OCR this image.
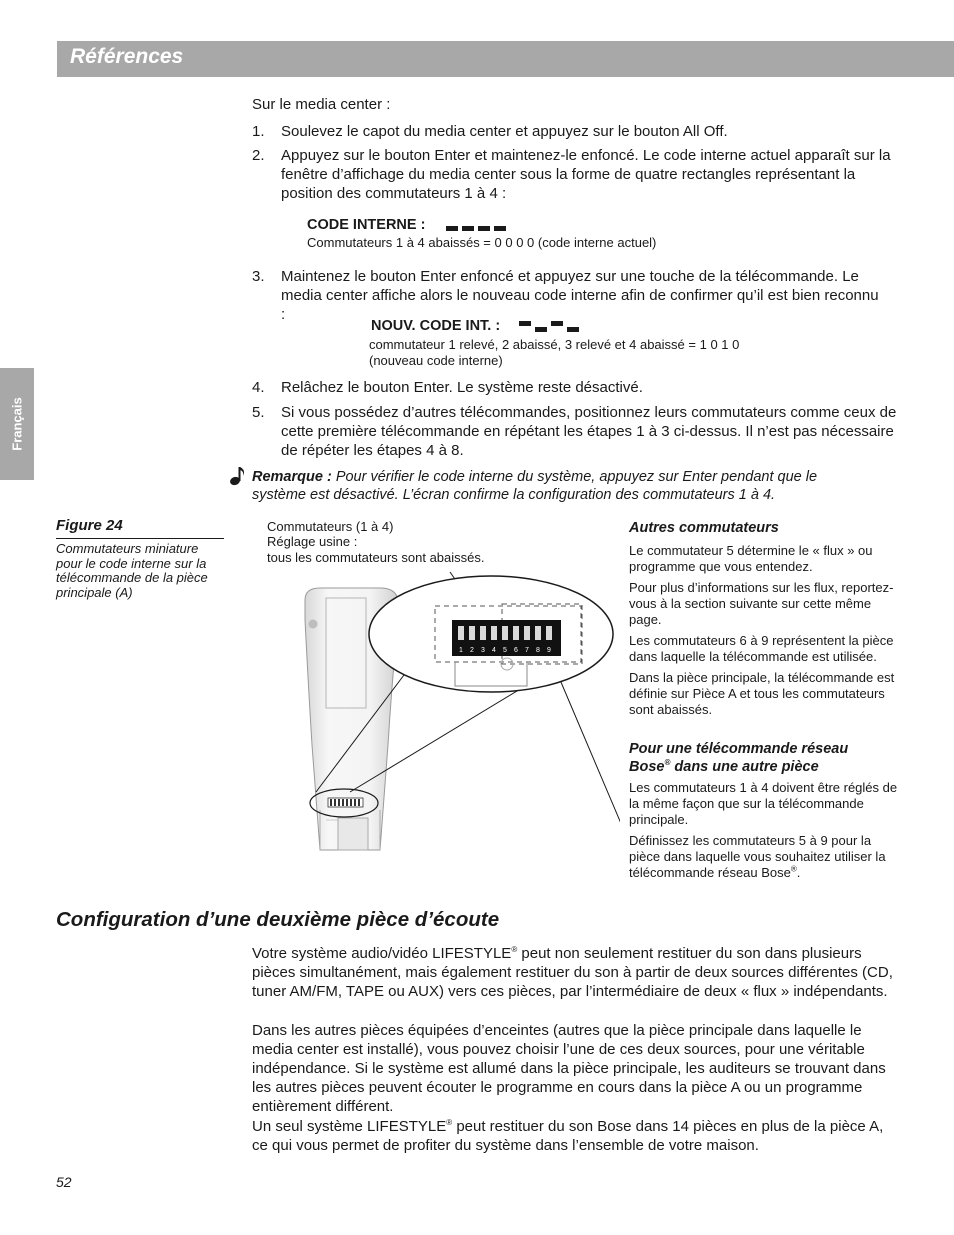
Références
Français
Sur le media center :
1.	Soulevez le capot du media center et appuyez sur le bouton All Off.
2.	Appuyez sur le bouton Enter et maintenez-le enfoncé. Le code interne actuel apparaît sur la fenêtre d’affichage du media center sous la forme de quatre rectangles représentant la position des commutateurs 1 à 4 :
CODE INTERNE :
Commutateurs 1 à 4 abaissés = 0 0 0 0 (code interne actuel)
3.	Maintenez le bouton Enter enfoncé et appuyez sur une touche de la télécommande. Le media center affiche alors le nouveau code interne afin de confirmer qu’il est bien reconnu :
NOUV. CODE INT. :
commutateur 1 relevé, 2 abaissé, 3 relevé et 4 abaissé = 1 0 1 0
(nouveau code interne)
4.	Relâchez le bouton Enter. Le système reste désactivé.
5.	Si vous possédez d’autres télécommandes, positionnez leurs commutateurs comme ceux de cette première télécommande en répétant les étapes 1 à 3 ci-dessus. Il n’est pas nécessaire de répéter les étapes 4 à 8.
Remarque : Pour vérifier le code interne du système, appuyez sur Enter pendant que le système est désactivé. L’écran confirme la configuration des commutateurs 1 à 4.
Figure 24
Commutateurs miniature pour le code interne sur la télécommande de la pièce principale (A)
Commutateurs (1 à 4)
Réglage usine :
tous les commutateurs sont abaissés.
1 2 3 4 5 6 7 8 9
Autres commutateurs
Le commutateur 5 détermine le « flux » ou programme que vous entendez.
Pour plus d’informations sur les flux, reportez-vous à la section suivante sur cette même page.
Les commutateurs 6 à 9 représentent la pièce dans laquelle la télécommande est utilisée.
Dans la pièce principale, la télécommande est définie sur Pièce A et tous les commutateurs sont abaissés.
Pour une télécommande réseau
Bose® dans une autre pièce
Les commutateurs 1 à 4 doivent être réglés de la même façon que sur la télécommande principale.
Définissez les commutateurs 5 à 9 pour la pièce dans laquelle vous souhaitez utiliser la télécommande réseau Bose®.
Configuration d’une deuxième pièce d’écoute
Votre système audio/vidéo LIFESTYLE® peut non seulement restituer du son dans plusieurs pièces simultanément, mais également restituer du son à partir de deux sources différentes (CD, tuner AM/FM, TAPE ou AUX) vers ces pièces, par l’intermédiaire de deux « flux » indépendants.
Dans les autres pièces équipées d’enceintes (autres que la pièce principale dans laquelle le media center est installé), vous pouvez choisir l’une de ces deux sources, pour une véritable indépendance. Si le système est allumé dans la pièce principale, les auditeurs se trouvant dans les autres pièces peuvent écouter le programme en cours dans la pièce A ou un programme entièrement différent.
Un seul système LIFESTYLE® peut restituer du son Bose dans 14 pièces en plus de la pièce A, ce qui vous permet de profiter du système dans l’ensemble de votre maison.
52
